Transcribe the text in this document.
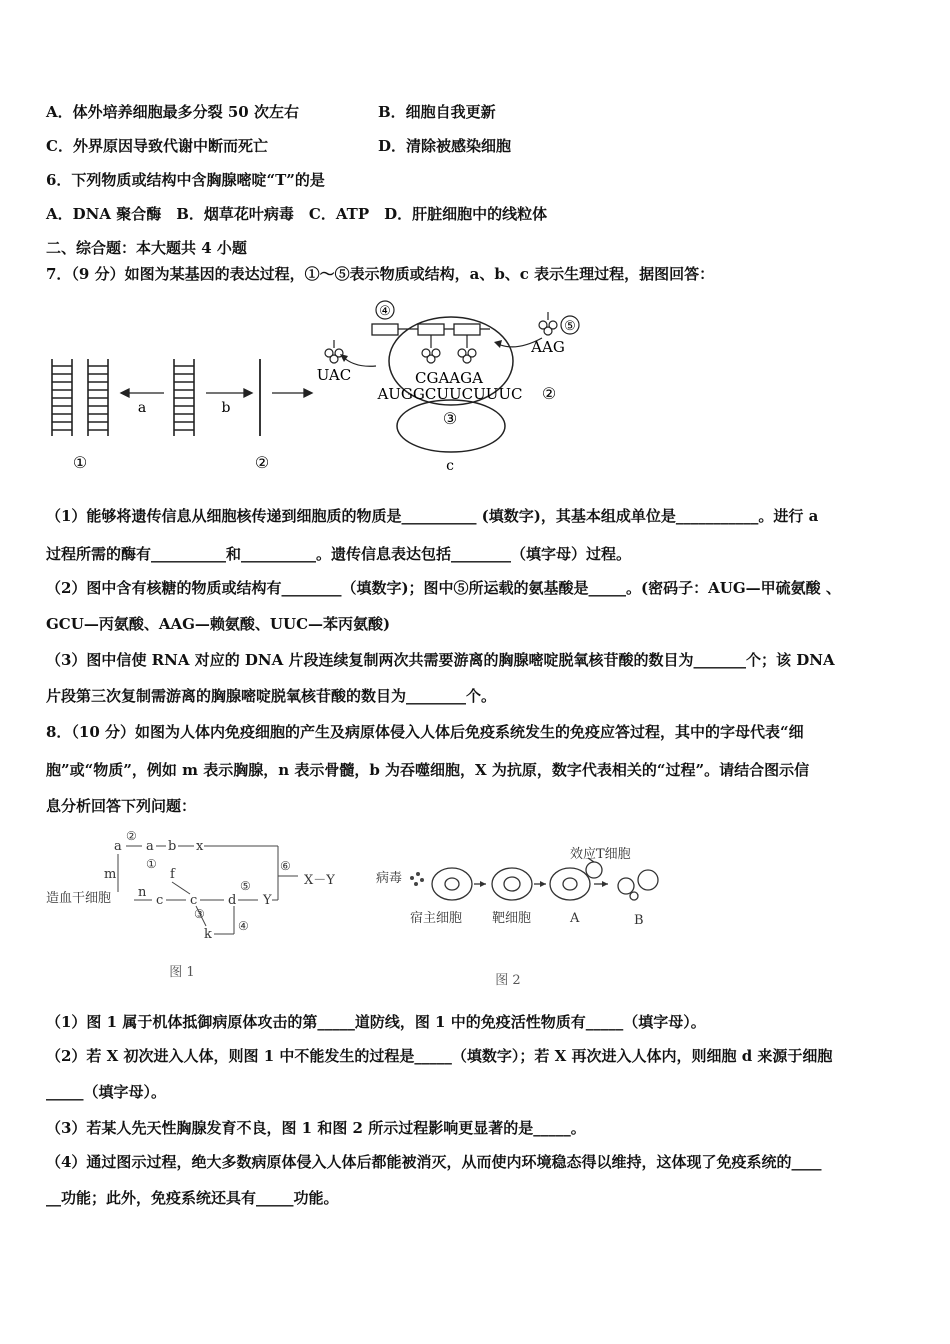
A．体外培养细胞最多分裂 50 次左右	B．细胞自我更新
C．外界原因导致代谢中断而死亡	D．清除被感染细胞
6．下列物质或结构中含胸腺嘧啶“T”的是
A．DNA 聚合酶　B．烟草花叶病毒　C．ATP　D．肝脏细胞中的线粒体
二、综合题：本大题共 4 小题
7．（9 分）如图为某基因的表达过程，①～⑤表示物质或结构，a、b、c 表示生理过程，据图回答：
a	b
①	②
③
c
④
UAC
AAG
⑤
CGAAGA
AUGGCUUCUUUC ②
（1）能够将遗传信息从细胞核传递到细胞质的物质是__________ (填数字)，其基本组成单位是___________。进行 a
过程所需的酶有__________和__________。遗传信息表达包括________（填字母）过程。
（2）图中含有核糖的物质或结构有________（填数字)；图中⑤所运载的氨基酸是_____。(密码子：AUG—甲硫氨酸 、
GCU—丙氨酸、AAG—赖氨酸、UUC—苯丙氨酸)
（3）图中信使 RNA 对应的 DNA 片段连续复制两次共需要游离的胸腺嘧啶脱氧核苷酸的数目为_______个；该 DNA
片段第三次复制需游离的胸腺嘧啶脱氧核苷酸的数目为________个。
8．（10 分）如图为人体内免疫细胞的产生及病原体侵入人体后免疫系统发生的免疫应答过程，其中的字母代表“细
胞”或“物质”，例如 m 表示胸腺，n 表示骨髓，b 为吞噬细胞，X 为抗原，数字代表相关的“过程”。请结合图示信
息分析回答下列问题：
造血干细胞
m
n
a a b x
f
c c d
k
Y
X－Y
②
①
③
④
⑤
⑥
图 1
病毒
效应T细胞
宿主细胞 靶细胞	A	B
图 2
（1）图 1 属于机体抵御病原体攻击的第_____道防线，图 1 中的免疫活性物质有_____（填字母）。
（2）若 X 初次进入人体，则图 1 中不能发生的过程是_____（填数字）；若 X 再次进入人体内，则细胞 d 来源于细胞
_____（填字母）。
（3）若某人先天性胸腺发育不良，图 1 和图 2 所示过程影响更显著的是_____。
（4）通过图示过程，绝大多数病原体侵入人体后都能被消灭，从而使内环境稳态得以维持，这体现了免疫系统的____
__功能；此外，免疫系统还具有_____功能。
